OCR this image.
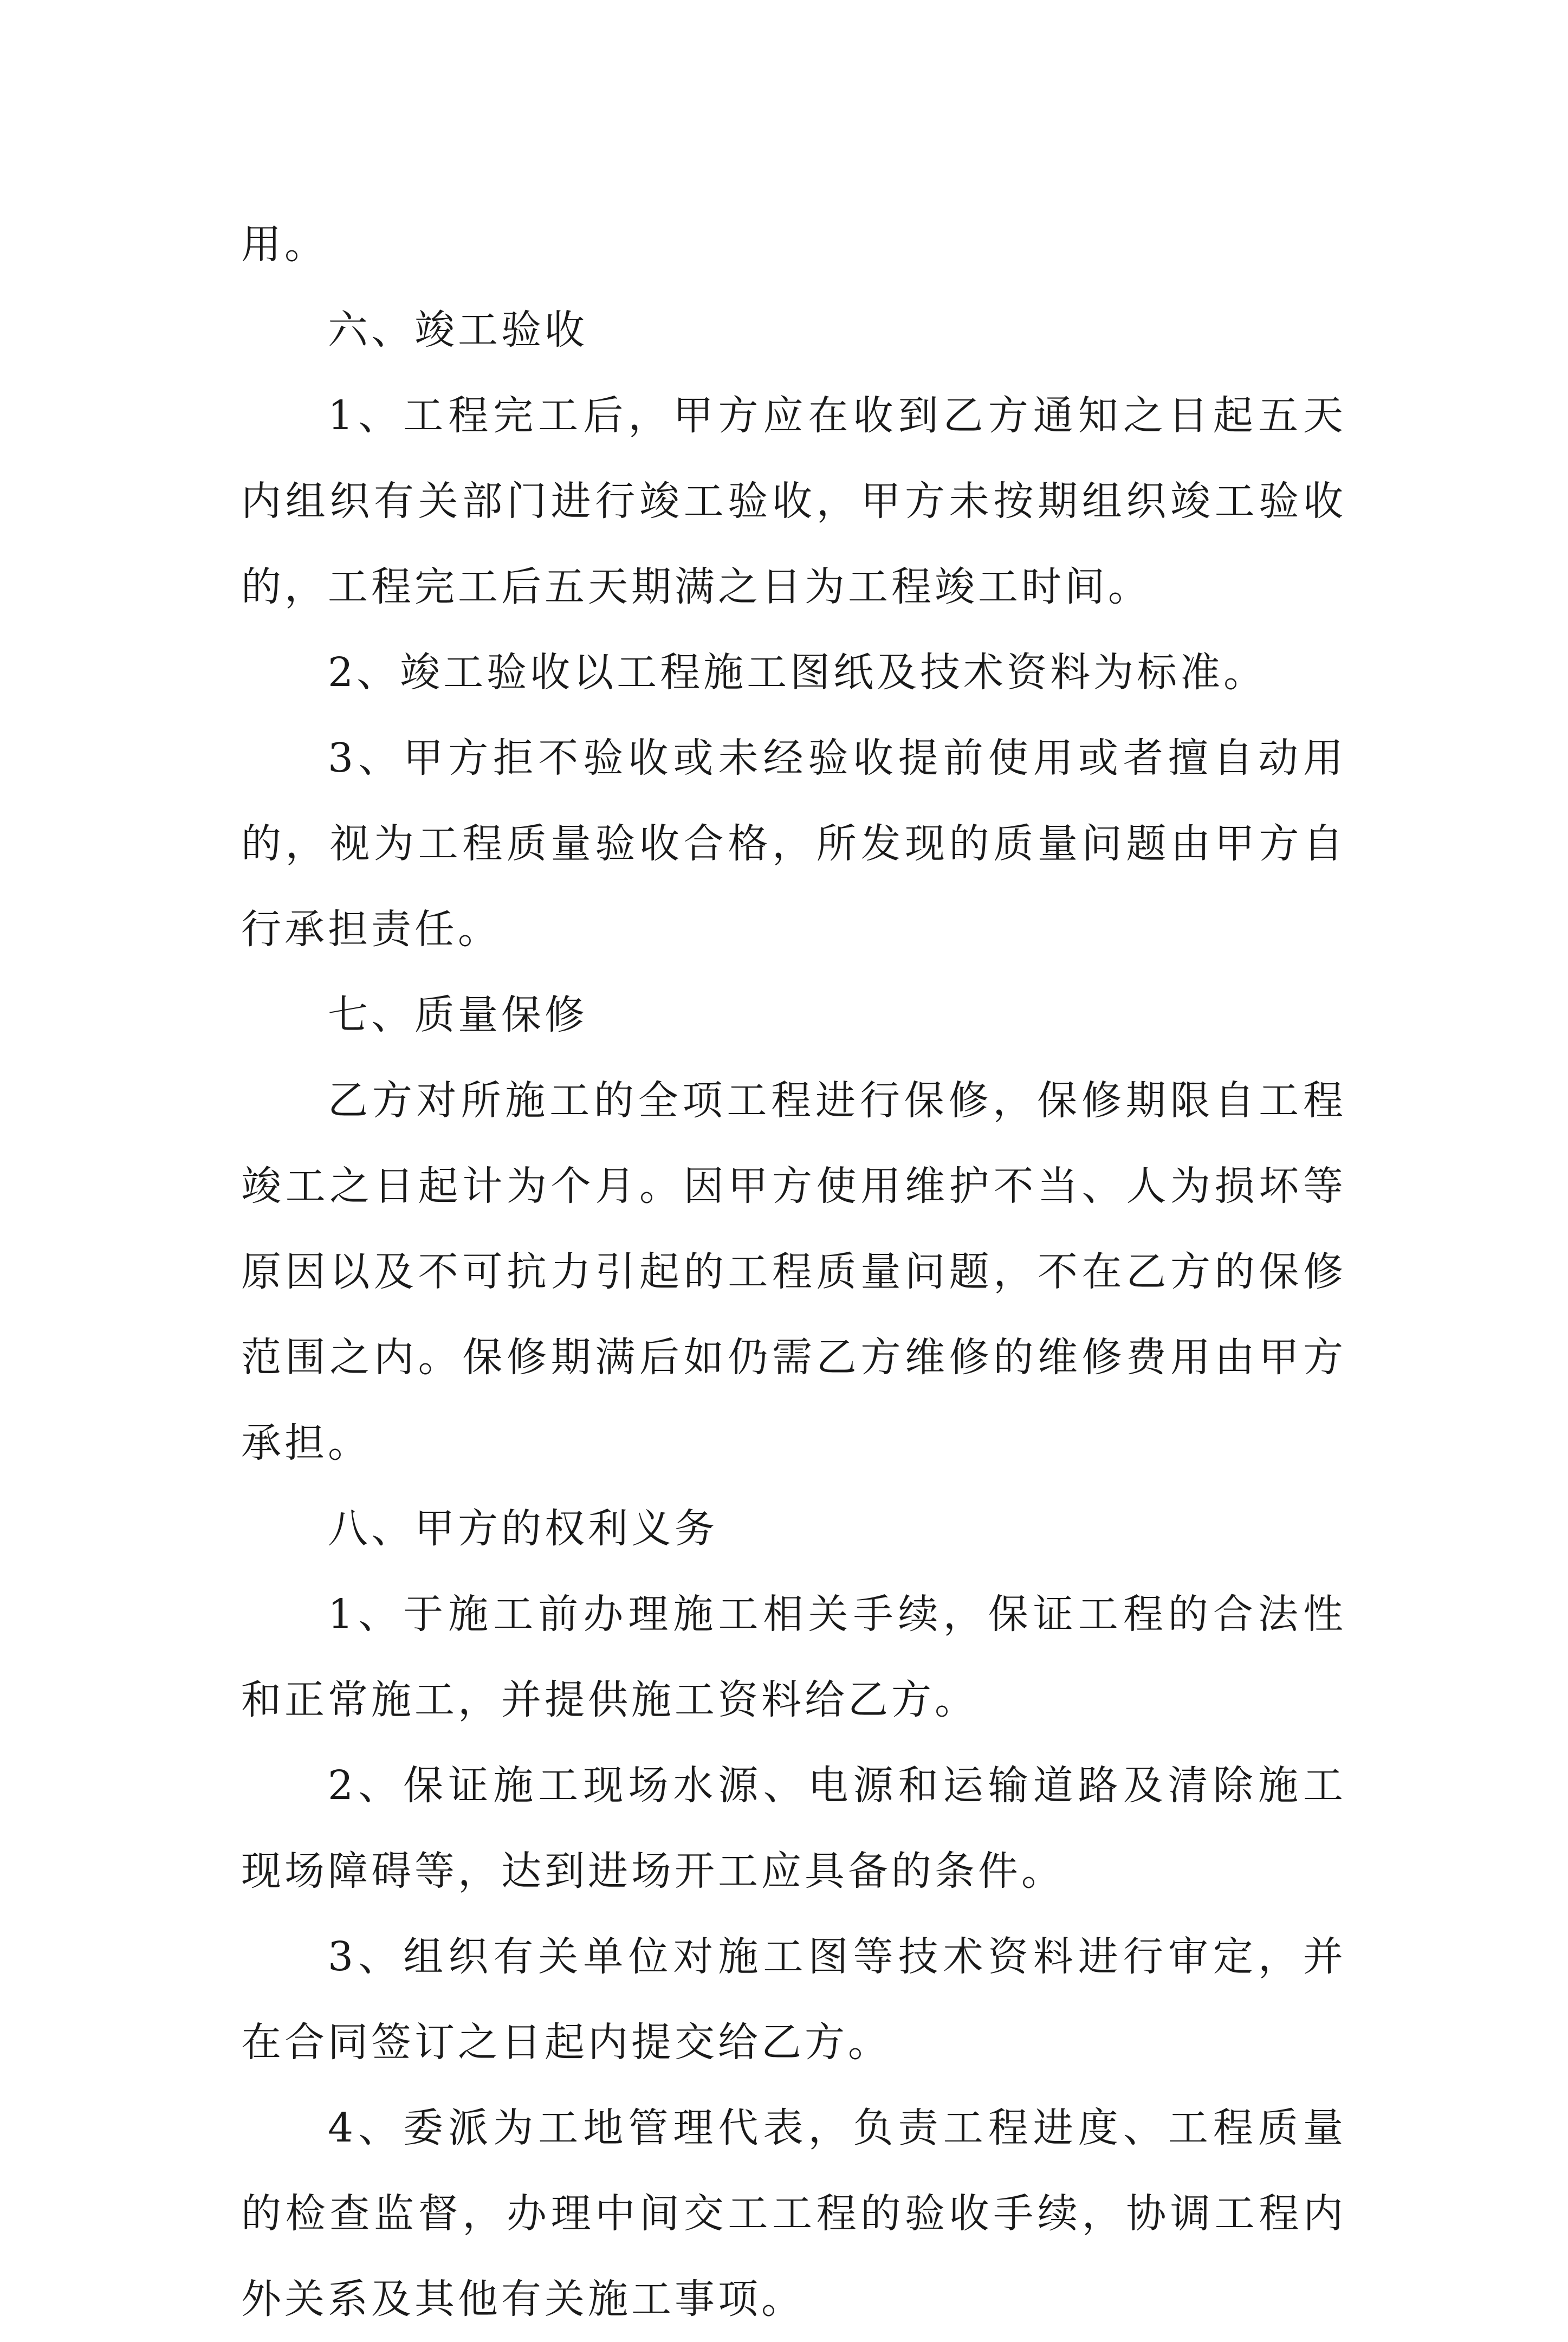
用。

六、竣工验收

1、工程完工后，甲方应在收到乙方通知之日起五天内组织有关部门进行竣工验收，甲方未按期组织竣工验收的，工程完工后五天期满之日为工程竣工时间。

2、竣工验收以工程施工图纸及技术资料为标准。

3、甲方拒不验收或未经验收提前使用或者擅自动用的，视为工程质量验收合格，所发现的质量问题由甲方自行承担责任。

七、质量保修

乙方对所施工的全项工程进行保修，保修期限自工程竣工之日起计为个月。因甲方使用维护不当、人为损坏等原因以及不可抗力引起的工程质量问题，不在乙方的保修范围之内。保修期满后如仍需乙方维修的维修费用由甲方承担。

八、甲方的权利义务

1、于施工前办理施工相关手续，保证工程的合法性和正常施工，并提供施工资料给乙方。

2、保证施工现场水源、电源和运输道路及清除施工现场障碍等，达到进场开工应具备的条件。

3、组织有关单位对施工图等技术资料进行审定，并在合同签订之日起内提交给乙方。

4、委派为工地管理代表，负责工程进度、工程质量的检查监督，办理中间交工工程的验收手续，协调工程内外关系及其他有关施工事项。
